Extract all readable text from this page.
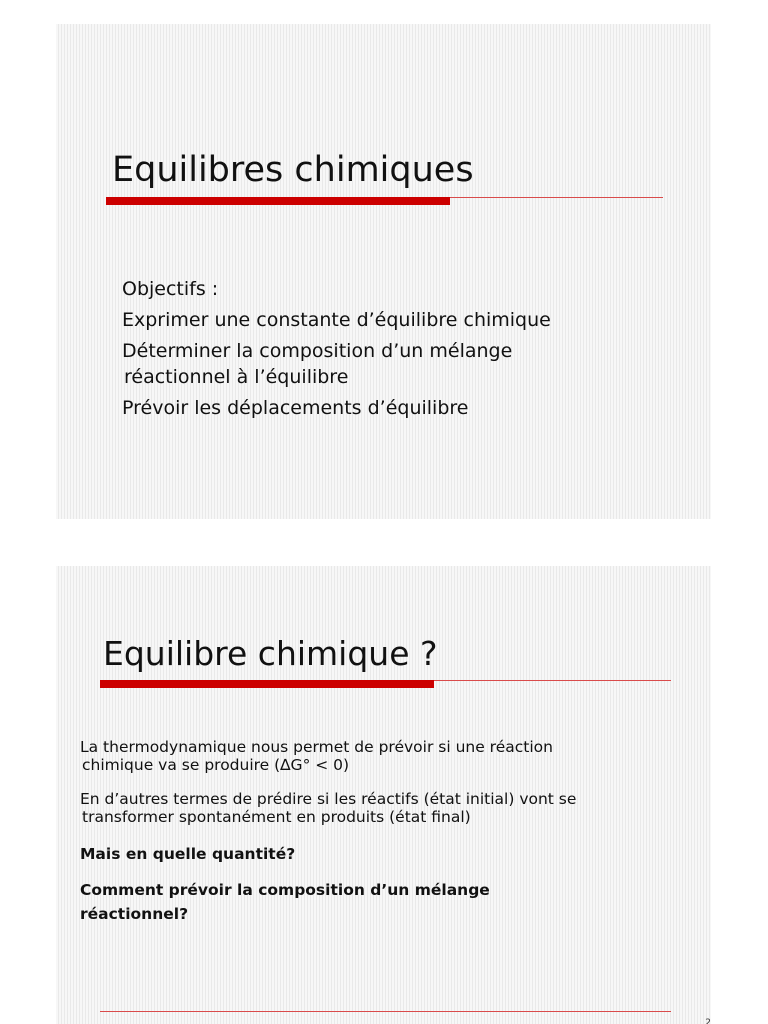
Equilibres chimiques
Objectifs :
Exprimer une constante d’équilibre chimique
Déterminer la composition d’un mélange
réactionnel à l’équilibre
Prévoir les déplacements d’équilibre
Equilibre chimique ?
La thermodynamique nous permet de prévoir si une réaction
chimique va se produire (∆G° < 0)
En d’autres termes de prédire si les réactifs (état initial) vont se
transformer spontanément en produits (état final)
Mais en quelle quantité?
Comment prévoir la composition d’un mélange
réactionnel?
2
